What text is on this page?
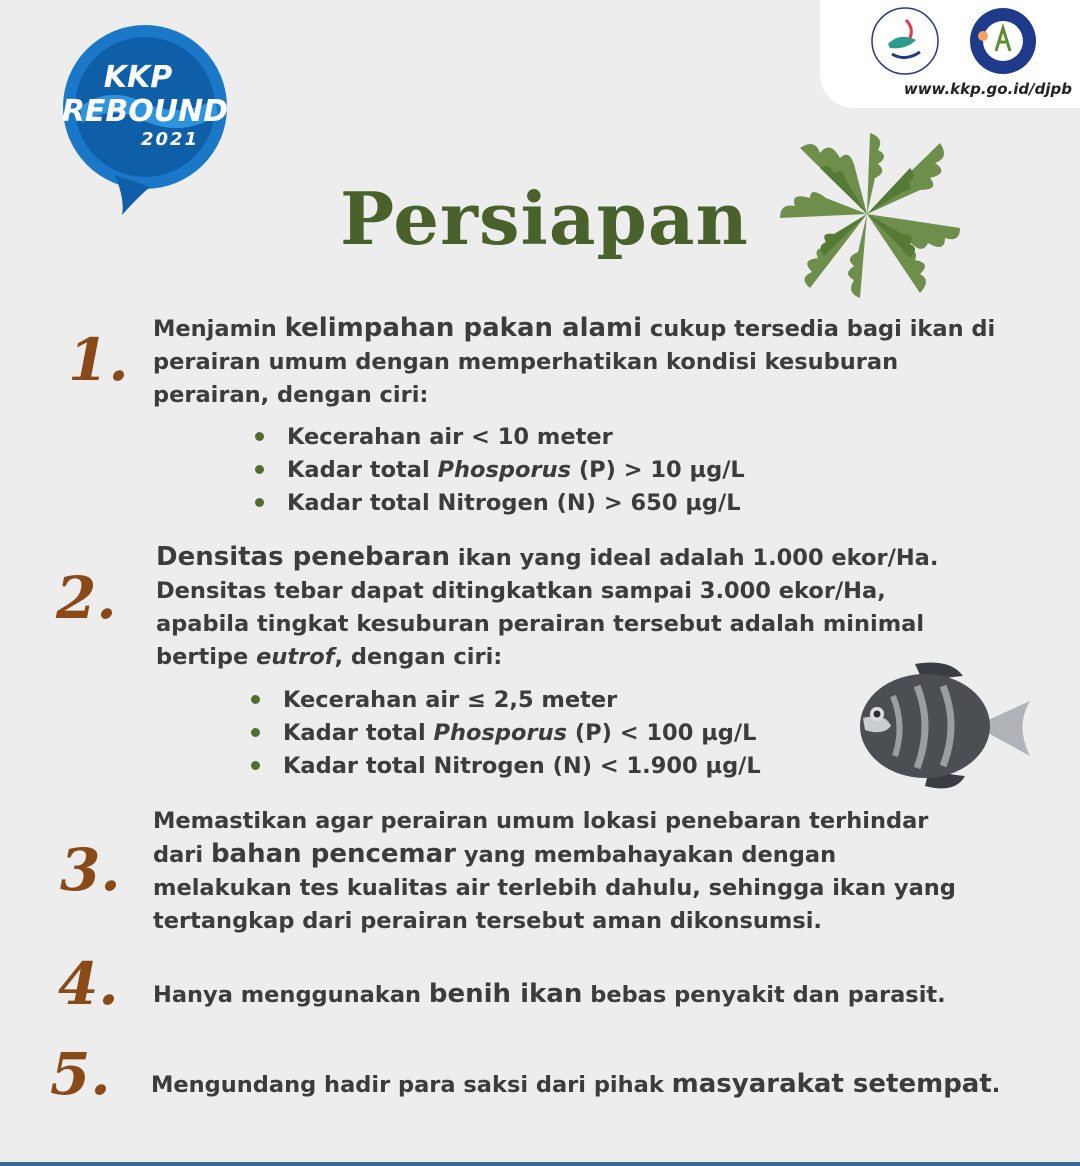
KKP
REBOUND
2021
www.kkp.go.id/djpb
Persiapan
1. Menjamin kelimpahan pakan alami cukup tersedia bagi ikan di
perairan umum dengan memperhatikan kondisi kesuburan
perairan, dengan ciri:
Kecerahan air < 10 meter
Kadar total Phosporus (P) > 10 µg/L
Kadar total Nitrogen (N) > 650 µg/L
2.
Densitas penebaran ikan yang ideal adalah 1.000 ekor/Ha.
Densitas tebar dapat ditingkatkan sampai 3.000 ekor/Ha,
apabila tingkat kesuburan perairan tersebut adalah minimal
bertipe eutrof, dengan ciri:
Kecerahan air ≤ 2,5 meter
Kadar total Phosporus (P) < 100 µg/L
Kadar total Nitrogen (N) < 1.900 µg/L
3.
Memastikan agar perairan umum lokasi penebaran terhindar
dari bahan pencemar yang membahayakan dengan
melakukan tes kualitas air terlebih dahulu, sehingga ikan yang
tertangkap dari perairan tersebut aman dikonsumsi.
4. Hanya menggunakan benih ikan bebas penyakit dan parasit.
5. Mengundang hadir para saksi dari pihak masyarakat setempat.
